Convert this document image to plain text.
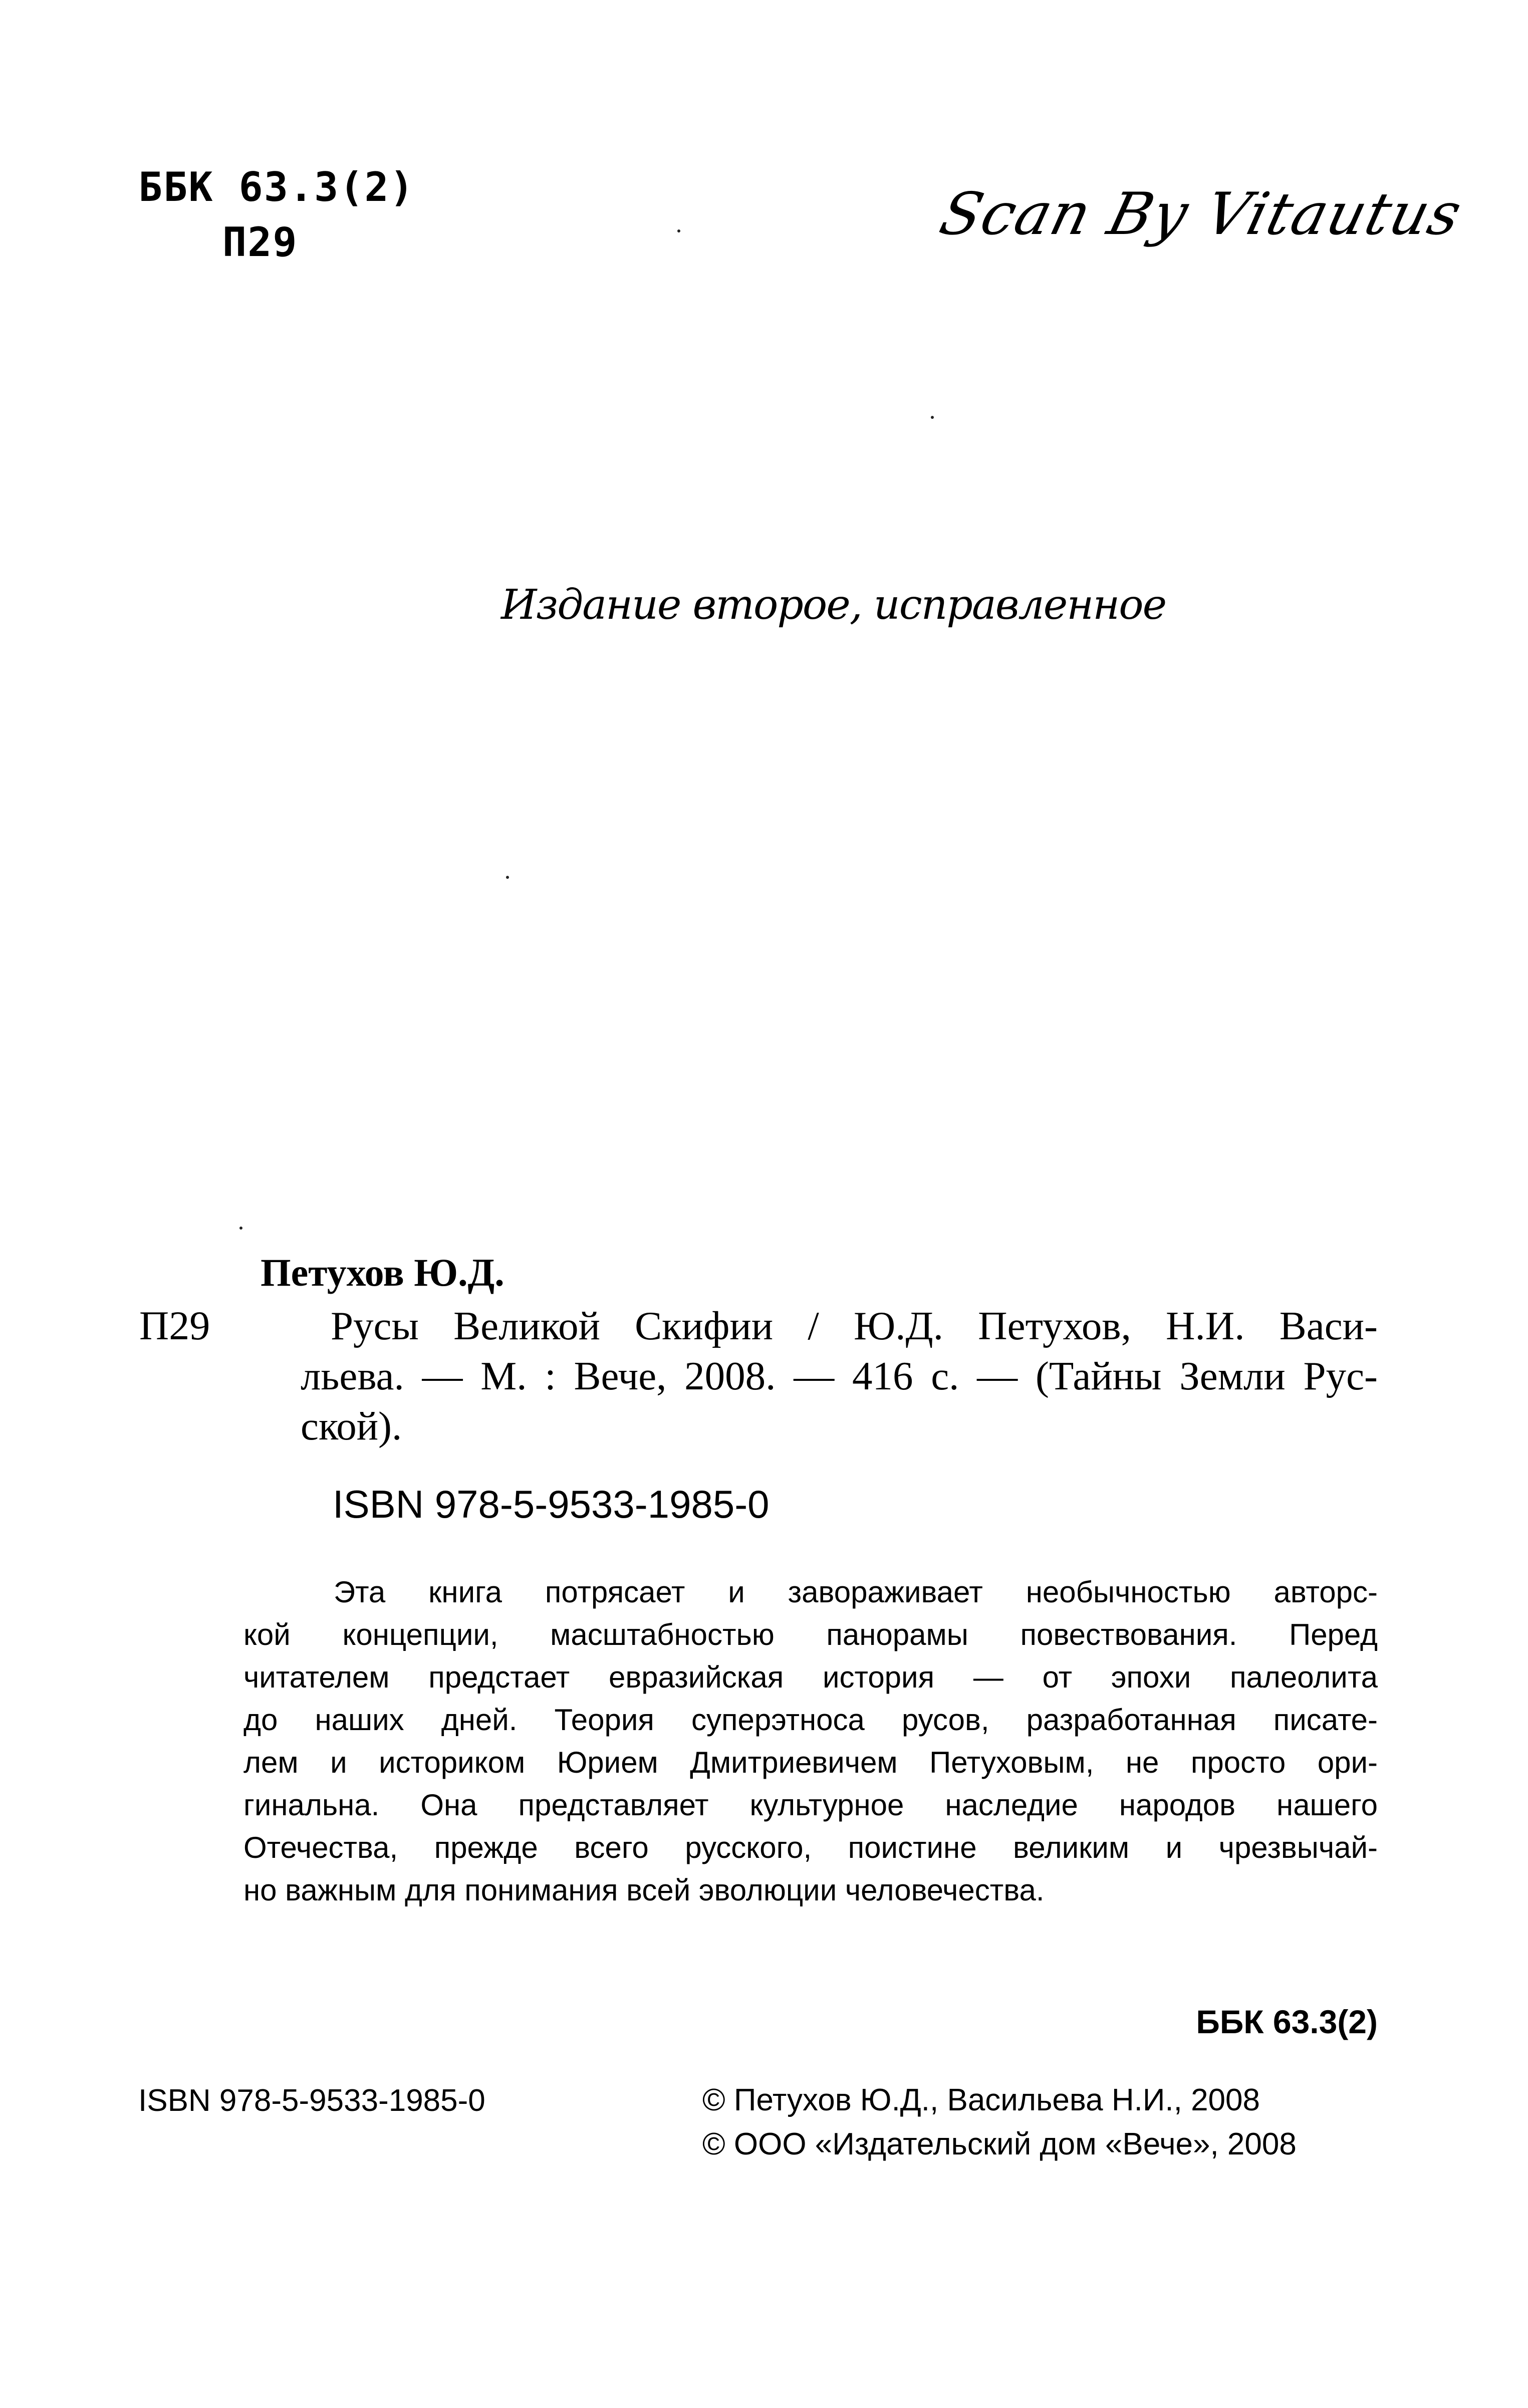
ББК 63.3(2)
П29	Scan By Vitautus
Издание второе, исправленное
Петухов Ю.Д.
П29	Русы Великой Скифии / Ю.Д. Петухов, Н.И. Васи-
льева. — М. : Вече, 2008. — 416 с. — (Тайны Земли Рус-
ской).
ISBN 978-5-9533-1985-0
Эта книга потрясает и завораживает необычностью авторс-
кой концепции, масштабностью панорамы повествования. Перед
читателем предстает евразийская история — от эпохи палеолита
до наших дней. Теория суперэтноса русов, разработанная писате-
лем и историком Юрием Дмитриевичем Петуховым, не просто ори-
гинальна. Она представляет культурное наследие народов нашего
Отечества, прежде всего русского, поистине великим и чрезвычай-
но важным для понимания всей эволюции человечества.
ББК 63.3(2)
ISBN 978-5-9533-1985-0	© Петухов Ю.Д., Васильева Н.И., 2008
© ООО «Издательский дом «Вече», 2008
